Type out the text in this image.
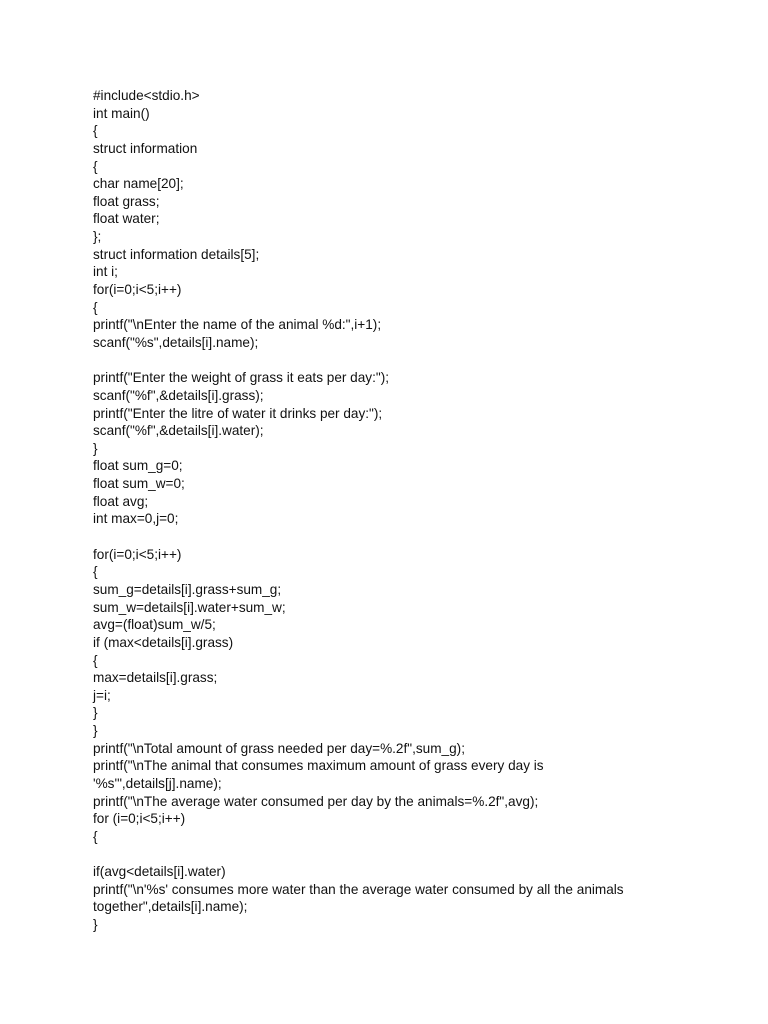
#include<stdio.h>
int main()
{
struct information
{
char name[20];
float grass;
float water;
};
struct information details[5];
int i;
for(i=0;i<5;i++)
{
printf("\nEnter the name of the animal %d:",i+1);
scanf("%s",details[i].name);
printf("Enter the weight of grass it eats per day:");
scanf("%f",&details[i].grass);
printf("Enter the litre of water it drinks per day:");
scanf("%f",&details[i].water);
}
float sum_g=0;
float sum_w=0;
float avg;
int max=0,j=0;
for(i=0;i<5;i++)
{
sum_g=details[i].grass+sum_g;
sum_w=details[i].water+sum_w;
avg=(float)sum_w/5;
if (max<details[i].grass)
{
max=details[i].grass;
j=i;
}
}
printf("\nTotal amount of grass needed per day=%.2f",sum_g);
printf("\nThe animal that consumes maximum amount of grass every day is
'%s'",details[j].name);
printf("\nThe average water consumed per day by the animals=%.2f",avg);
for (i=0;i<5;i++)
{
if(avg<details[i].water)
printf("\n'%s' consumes more water than the average water consumed by all the animals
together",details[i].name);
}
